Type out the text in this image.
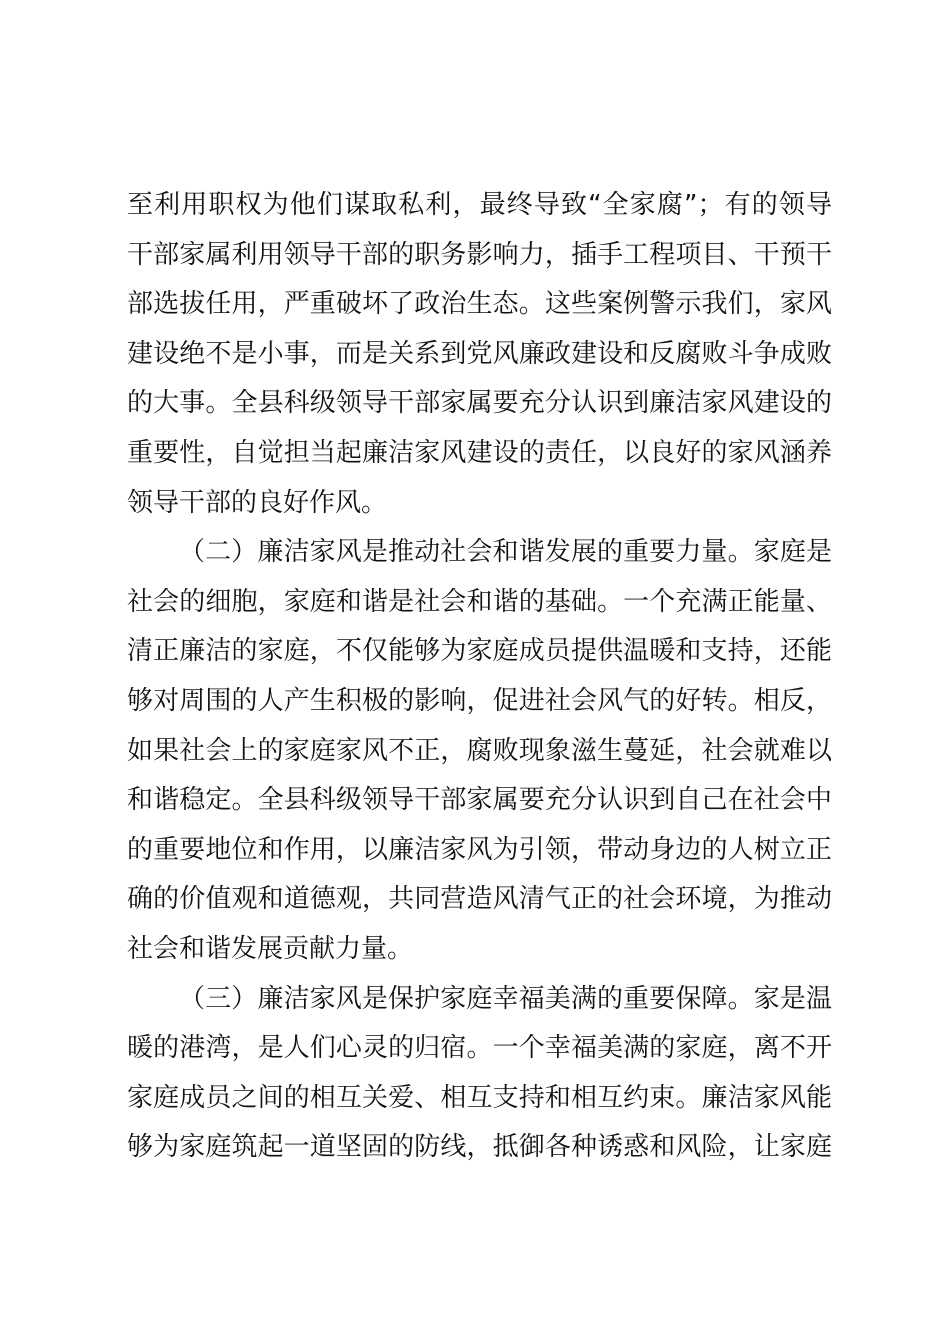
至利用职权为他们谋取私利，最终导致“全家腐”；有的领导
干部家属利用领导干部的职务影响力，插手工程项目、干预干
部选拔任用，严重破坏了政治生态。这些案例警示我们，家风
建设绝不是小事，而是关系到党风廉政建设和反腐败斗争成败
的大事。全县科级领导干部家属要充分认识到廉洁家风建设的
重要性，自觉担当起廉洁家风建设的责任，以良好的家风涵养
领导干部的良好作风。
（二）廉洁家风是推动社会和谐发展的重要力量。家庭是
社会的细胞，家庭和谐是社会和谐的基础。一个充满正能量、
清正廉洁的家庭，不仅能够为家庭成员提供温暖和支持，还能
够对周围的人产生积极的影响，促进社会风气的好转。相反，
如果社会上的家庭家风不正，腐败现象滋生蔓延，社会就难以
和谐稳定。全县科级领导干部家属要充分认识到自己在社会中
的重要地位和作用，以廉洁家风为引领，带动身边的人树立正
确的价值观和道德观，共同营造风清气正的社会环境，为推动
社会和谐发展贡献力量。
（三）廉洁家风是保护家庭幸福美满的重要保障。家是温
暖的港湾，是人们心灵的归宿。一个幸福美满的家庭，离不开
家庭成员之间的相互关爱、相互支持和相互约束。廉洁家风能
够为家庭筑起一道坚固的防线，抵御各种诱惑和风险，让家庭
